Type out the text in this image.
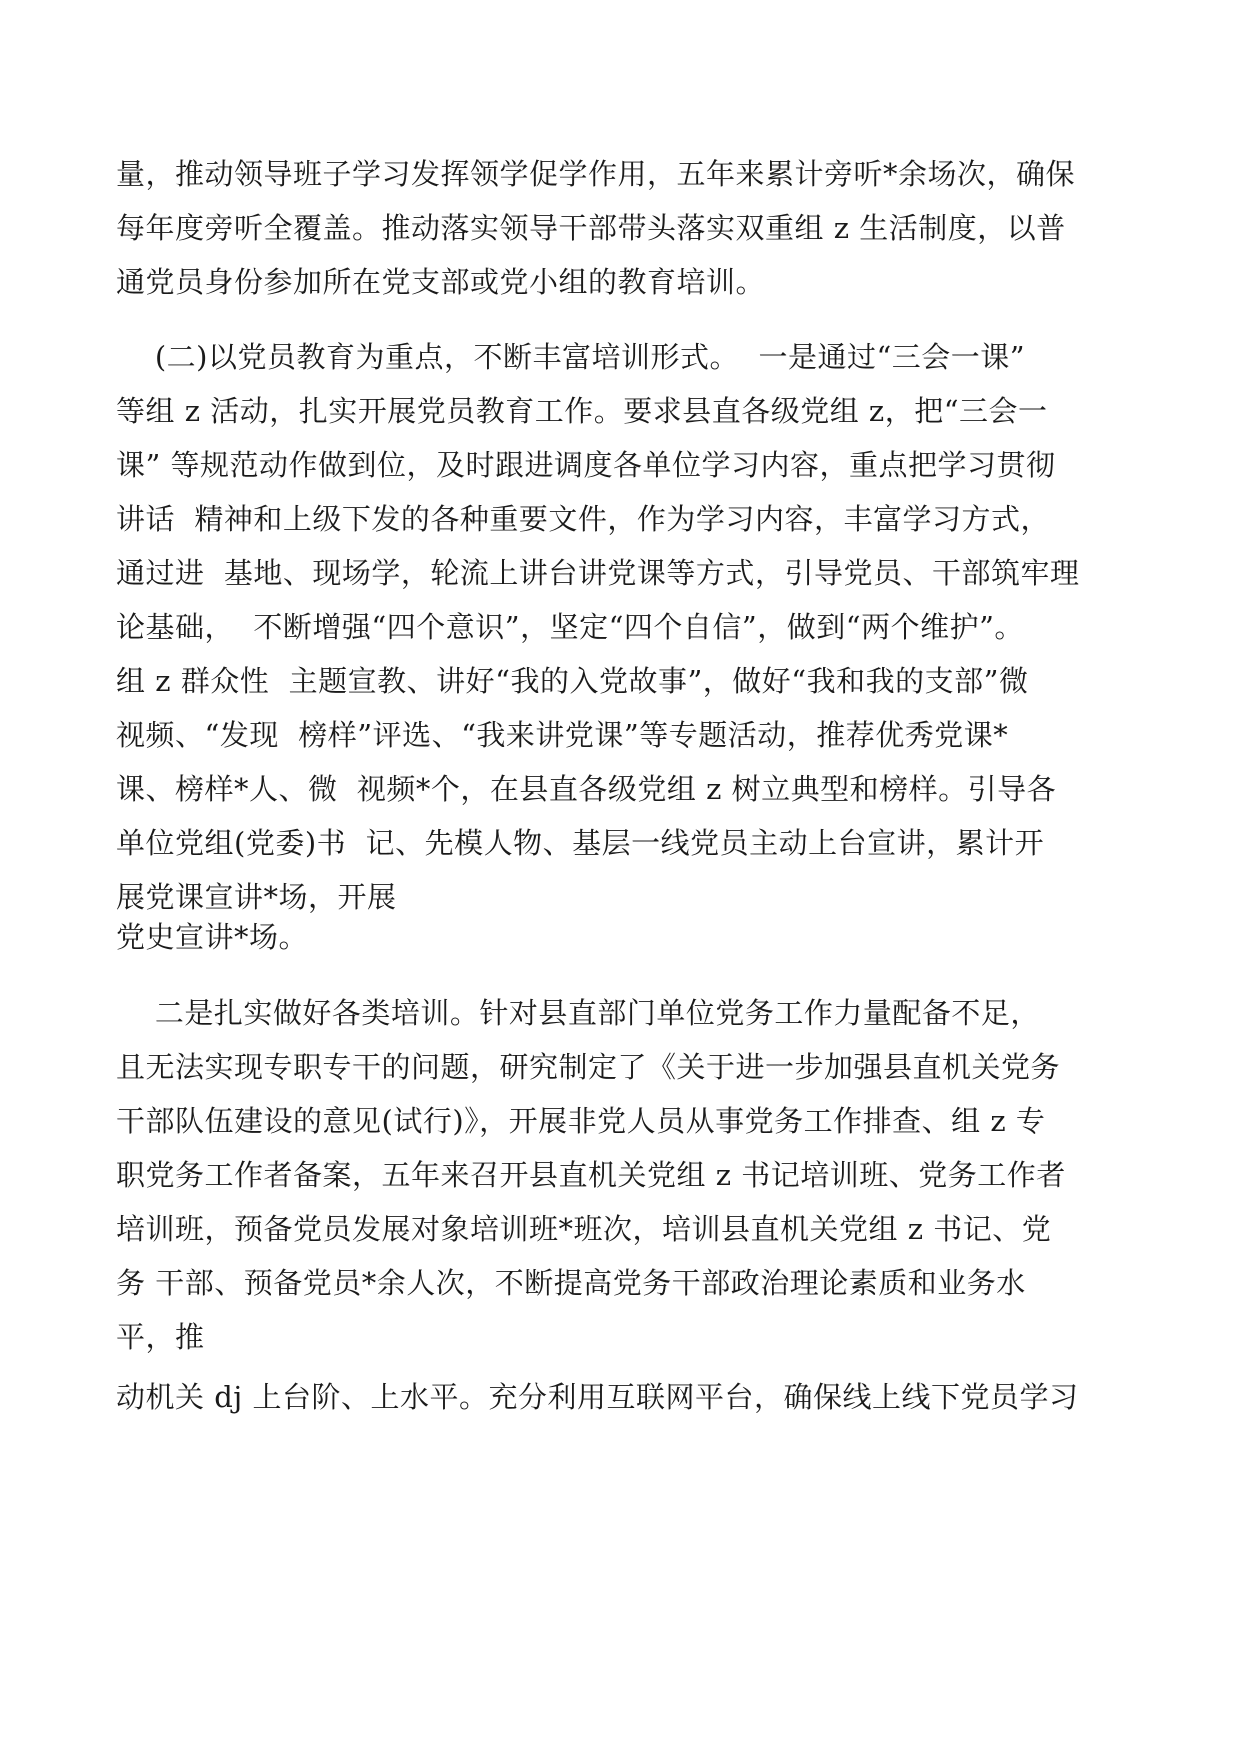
量，推动领导班子学习发挥领学促学作用，五年来累计旁听*余场次，确保

每年度旁听全覆盖。推动落实领导干部带头落实双重组 z 生活制度，以普

通党员身份参加所在党支部或党小组的教育培训。

(二)以党员教育为重点，不断丰富培训形式。  一是通过“三会一课”

等组 z 活动，扎实开展党员教育工作。要求县直各级党组 z，把“三会一

课” 等规范动作做到位，及时跟进调度各单位学习内容，重点把学习贯彻

讲话  精神和上级下发的各种重要文件，作为学习内容，丰富学习方式，

通过进  基地、现场学，轮流上讲台讲党课等方式，引导党员、干部筑牢理

论基础，  不断增强“四个意识”，坚定“四个自信”，做到“两个维护”。

组 z 群众性  主题宣教、讲好“我的入党故事”，做好“我和我的支部”微

视频、“发现  榜样”评选、“我来讲党课”等专题活动，推荐优秀党课*

课、榜样*人、微  视频*个，在县直各级党组 z 树立典型和榜样。引导各

单位党组(党委)书  记、先模人物、基层一线党员主动上台宣讲，累计开

展党课宣讲*场，开展

党史宣讲*场。

二是扎实做好各类培训。针对县直部门单位党务工作力量配备不足，

且无法实现专职专干的问题，研究制定了《关于进一步加强县直机关党务

干部队伍建设的意见(试行)》，开展非党人员从事党务工作排查、组 z 专

职党务工作者备案，五年来召开县直机关党组 z 书记培训班、党务工作者

培训班，预备党员发展对象培训班*班次，培训县直机关党组 z 书记、党

务 干部、预备党员*余人次，不断提高党务干部政治理论素质和业务水

平，推

动机关 dj 上台阶、上水平。充分利用互联网平台，确保线上线下党员学习
